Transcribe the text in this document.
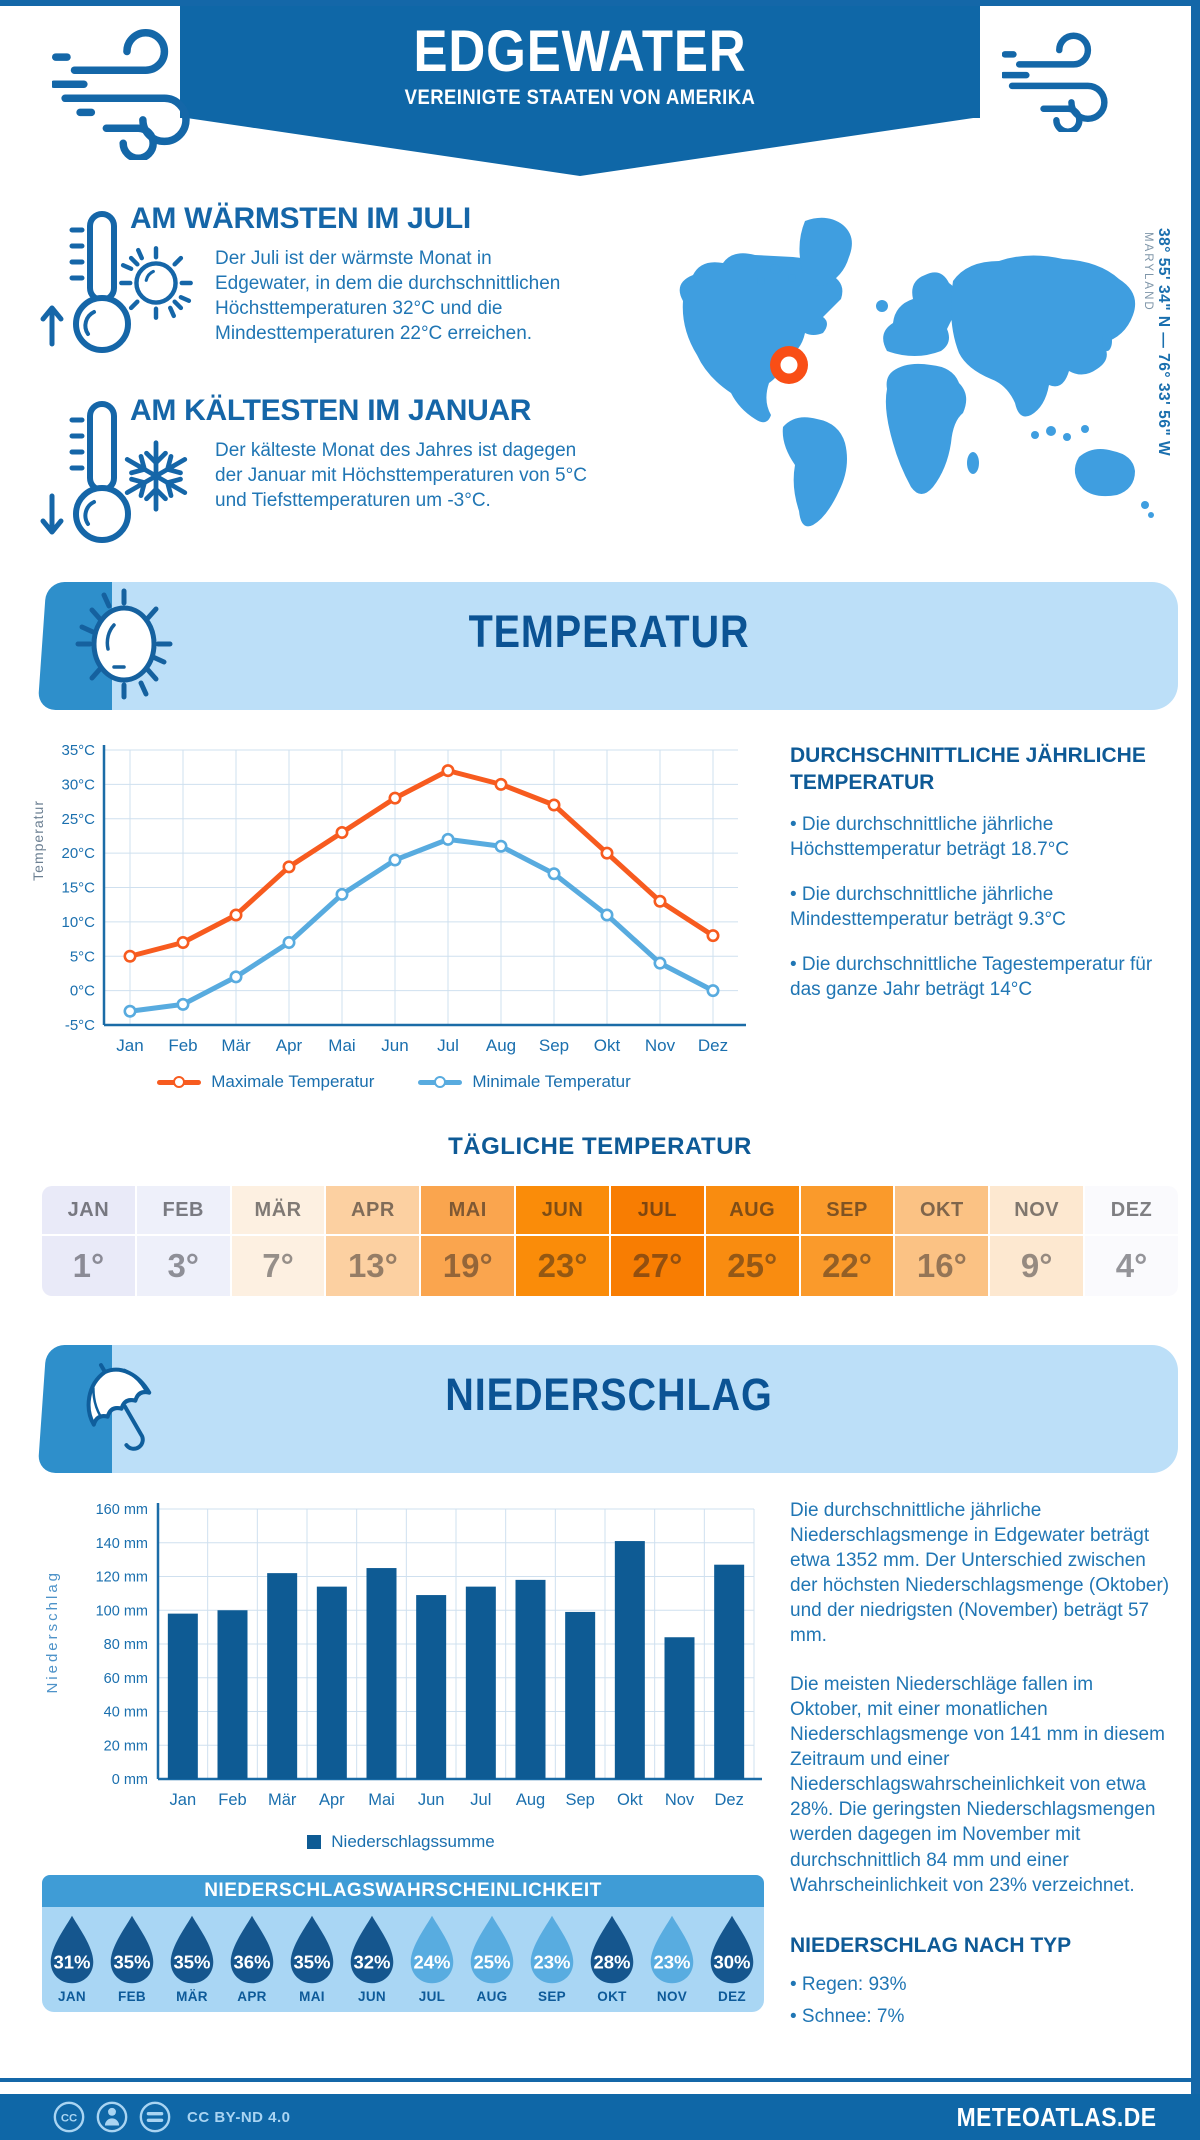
EDGEWATER
VEREINIGTE STAATEN VON AMERIKA
AM WÄRMSTEN IM JULI
Der Juli ist der wärmste Monat in Edgewater, in dem die durchschnittlichen Höchsttemperaturen 32°C und die Mindesttemperaturen 22°C erreichen.
AM KÄLTESTEN IM JANUAR
Der kälteste Monat des Jahres ist dagegen der Januar mit Höchsttemperaturen von 5°C und Tiefsttemperaturen um -3°C.
38° 55' 34" N — 76° 33' 56" W
MARYLAND
TEMPERATUR
Temperatur
35°C
30°C
25°C
20°C
15°C
10°C
5°C
0°C
-5°C
Jan Feb Mär Apr Mai Jun Jul Aug Sep Okt Nov Dez
Maximale Temperatur	Minimale Temperatur
DURCHSCHNITTLICHE JÄHRLICHE TEMPERATUR
• Die durchschnittliche jährliche Höchsttemperatur beträgt 18.7°C
• Die durchschnittliche jährliche Mindesttemperatur beträgt 9.3°C
• Die durchschnittliche Tagestemperatur für das ganze Jahr beträgt 14°C
TÄGLICHE TEMPERATUR
JAN
1°
FEB
3°
MÄR
7°
APR
13°
MAI
19°
JUN
23°
JUL
27°
AUG
25°
SEP
22°
OKT
16°
NOV
9°
DEZ
4°
NIEDERSCHLAG
Niederschlag
0 mm
20 mm
40 mm
60 mm
80 mm
100 mm
120 mm
140 mm
160 mm
Jan Feb Mär Apr Mai Jun Jul Aug Sep Okt Nov Dez
Niederschlagssumme
Die durchschnittliche jährliche Niederschlagsmenge in Edgewater beträgt etwa 1352 mm. Der Unterschied zwischen der höchsten Niederschlagsmenge (Oktober) und der niedrigsten (November) beträgt 57 mm.
Die meisten Niederschläge fallen im Oktober, mit einer monatlichen Niederschlagsmenge von 141 mm in diesem Zeitraum und einer Niederschlagswahrscheinlichkeit von etwa 28%. Die geringsten Niederschlagsmengen werden dagegen im November mit durchschnittlich 84 mm und einer Wahrscheinlichkeit von 23% verzeichnet.
NIEDERSCHLAG NACH TYP
• Regen: 93%
• Schnee: 7%
NIEDERSCHLAGSWAHRSCHEINLICHKEIT
31%
JAN
35%
FEB
35%
MÄR
36%
APR
35%
MAI
32%
JUN
24%
JUL
25%
AUG
23%
SEP
28%
OKT
23%
NOV
30%
DEZ
CC	CC BY-ND 4.0	METEOATLAS.DE
